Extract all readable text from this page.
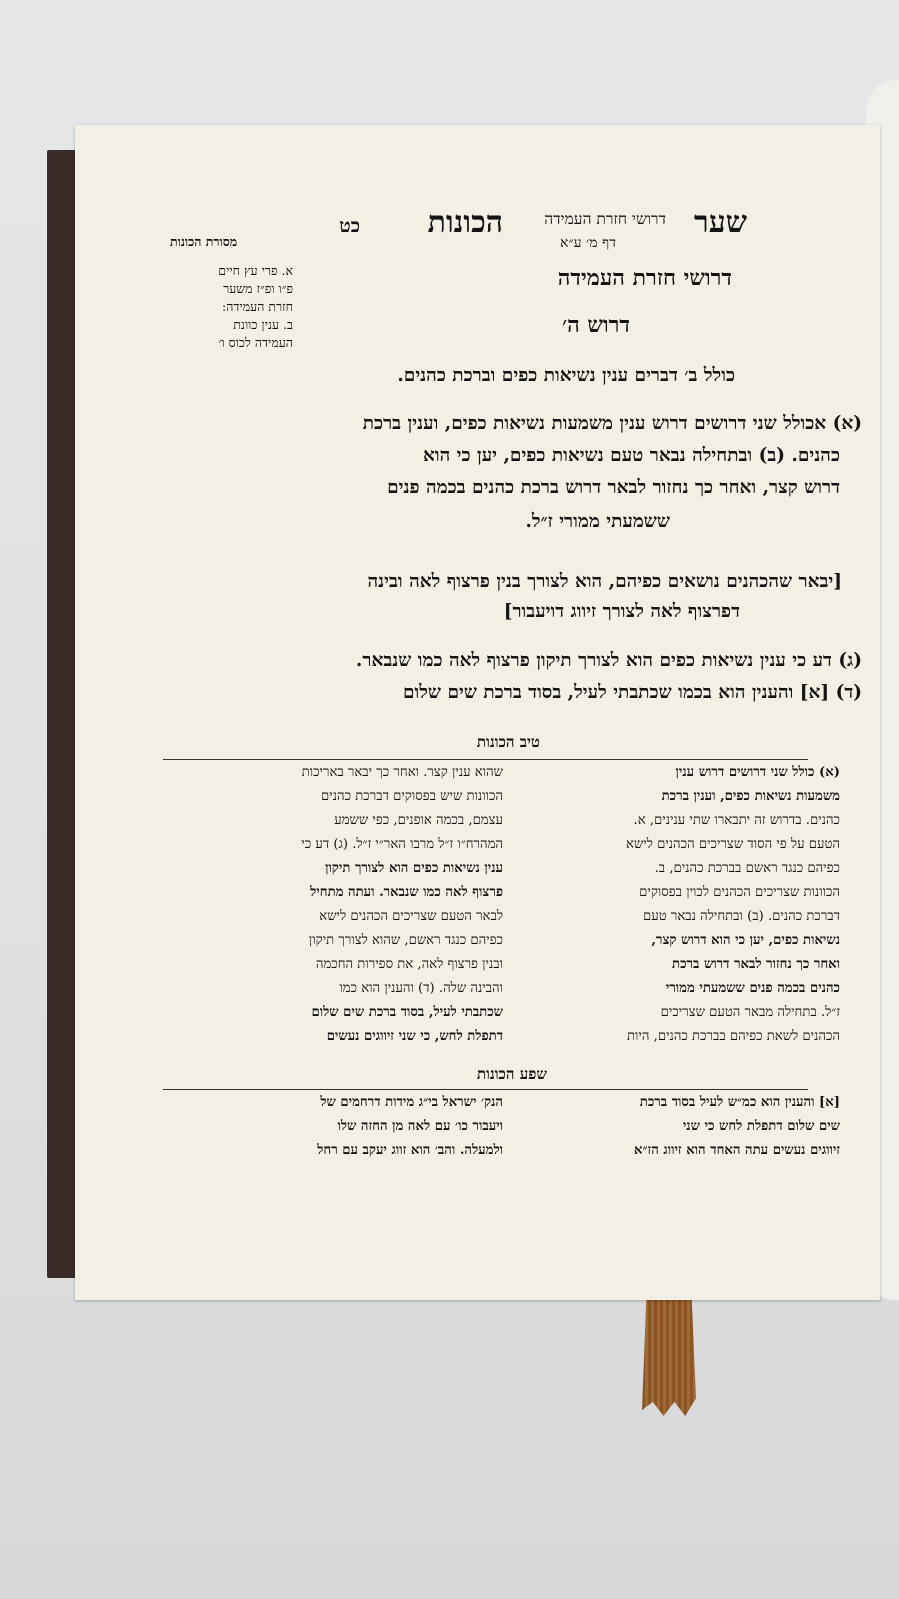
שער

דרושי חזרת העמידה

דף מ׳ ע״א

הכונות

כט

מסורת הכונות

א. פרי עץ חיים

פ״ו ופ״ז משער

חזרת העמידה:

ב. ענין כוונת

העמידה לכוס ו׳

דרושי חזרת העמידה

דרוש ה׳

כולל ב׳ דברים ענין נשיאות כפים וברכת כהנים.

(א) אכולל שני דרושים דרוש ענין משמעות נשיאות כפים, וענין ברכת

כהנים. (ב) ובתחילה נבאר טעם נשיאות כפים, יען כי הוא

דרוש קצר, ואחר כך נחזור לבאר דרוש ברכת כהנים בכמה פנים

ששמעתי ממורי ז״ל.

[יבאר שהכהנים נושאים כפיהם, הוא לצורך בנין פרצוף לאה ובינה

דפרצוף לאה לצורך זיווג דויעבור]

(ג) דע כי ענין נשיאות כפים הוא לצורך תיקון פרצוף לאה כמו שנבאר.

(ד) [א] והענין הוא בכמו שכתבתי לעיל, בסוד ברכת שים שלום

טיב הכונות

(א) כולל שני דרושים דרוש ענין

משמעות נשיאות כפים, וענין ברכת

כהנים. בדרוש זה יתבארו שתי ענינים, א.

הטעם על פי הסוד שצריכים הכהנים לישא

כפיהם כנגד ראשם בברכת כהנים, ב.

הכוונות שצריכים הכהנים לכוין בפסוקים

דברכת כהנים. (ב) ובתחילה נבאר טעם

נשיאות כפים, יען כי הוא דרוש קצר,

ואחר כך נחזור לבאר דרוש ברכת

כהנים בכמה פנים ששמעתי ממורי

ז״ל. בתחילה מבאר הטעם שצריכים

הכהנים לשאת כפיהם בברכת כהנים, היות

שהוא ענין קצר. ואחר כך יבאר באריכות

הכוונות שיש בפסוקים דברכת כהנים

עצמם, בכמה אופנים, כפי ששמע

המהרח״ו ז״ל מרבו האר״י ז״ל. (ג) דע כי

ענין נשיאות כפים הוא לצורך תיקון

פרצוף לאה כמו שנבאר. ועתה מתחיל

לבאר הטעם שצריכים הכהנים לישא

כפיהם כנגד ראשם, שהוא לצורך תיקון

ובנין פרצוף לאה, את ספירות החכמה

והבינה שלה. (ד) והענין הוא כמו

שכתבתי לעיל, בסוד ברכת שים שלום

דתפלת לחש, כי שני זיווגים נעשים

שפע הכונות

[א] והענין הוא כמ״ש לעיל בסוד ברכת

שים שלום דתפלת לחש כי שני

זיווגים נעשים עתה האחד הוא זיווג הז״א

הנק׳ ישראל בי״ג מידות דרחמים של

ויעבור כו׳ עם לאה מן החזה שלו

ולמעלה. והב׳ הוא זווג יעקב עם רחל
